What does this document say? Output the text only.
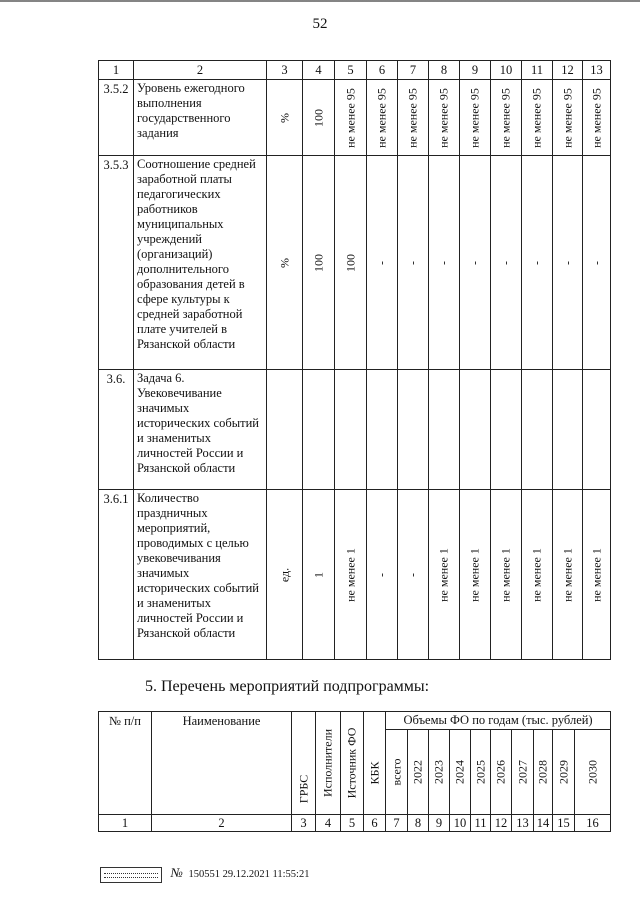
52
1	2	3	4	5	6	7	8	9	10	11	12	13
3.5.2	Уровень ежегодного выполнения государственного задания	%	100	не менее 95	не менее 95	не менее 95	не менее 95	не менее 95	не менее 95	не менее 95	не менее 95	не менее 95

3.5.3	Соотношение средней заработной платы педагогических работников муниципальных учреждений (организаций) дополнительного образования детей в сфере культуры к средней заработной плате учителей в Рязанской области	%	100	100	-	-	-	-	-	-	-	-

3.6.	Задача 6. Увековечивание значимых исторических событий и знаменитых личностей России и Рязанской области											
3.6.1	Количество праздничных мероприятий, проводимых с целью увековечивания значимых исторических событий и знаменитых личностей России и Рязанской области	ед.	1	не менее 1	-	-	не менее 1	не менее 1	не менее 1	не менее 1	не менее 1	не менее 1
5. Перечень мероприятий подпрограммы:
№ п/п	Наименование	ГРБС	Исполнители	Источник ФО	КБК	Объемы ФО по годам (тыс. рублей)									

						всего	2022	2023	2024	2025	2026	2027	2028	2029	2030

1	2	3	4	5	6	7	8	9	10	11	12	13	14	15	16
№ 150551 29.12.2021 11:55:21
